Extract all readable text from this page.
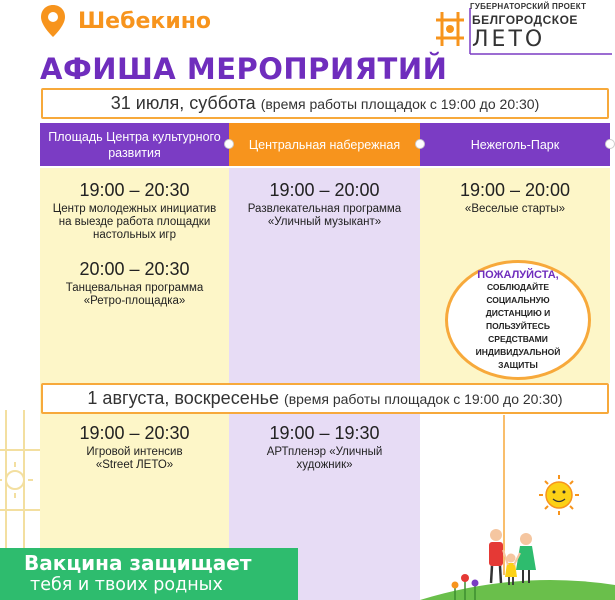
Шебекино
ГУБЕРНАТОРСКИЙ ПРОЕКТ
БЕЛГОРОДСКОЕ
ЛЕТО
АФИША МЕРОПРИЯТИЙ
31 июля, суббота (время работы площадок с 19:00 до 20:30)
Площадь Центра культурного развития
Центральная набережная	Нежеголь-Парк
19:00 – 20:30
Центр молодежных инициатив на выезде работа площадки настольных игр
20:00 – 20:30
Танцевальная программа «Ретро-площадка»
19:00 – 20:00
Развлекательная программа «Уличный музыкант»
19:00 – 20:00
«Веселые старты»
ПОЖАЛУЙСТА,
СОБЛЮДАЙТЕ СОЦИАЛЬНУЮ ДИСТАНЦИЮ И ПОЛЬЗУЙТЕСЬ СРЕДСТВАМИ ИНДИВИДУАЛЬНОЙ ЗАЩИТЫ
1 августа, воскресенье (время работы площадок с 19:00 до 20:30)
19:00 – 20:30
Игровой интенсив «Street ЛЕТО»
19:00 – 19:30
АРТпленэр «Уличный художник»
Вакцина защищает
тебя и твоих родных
